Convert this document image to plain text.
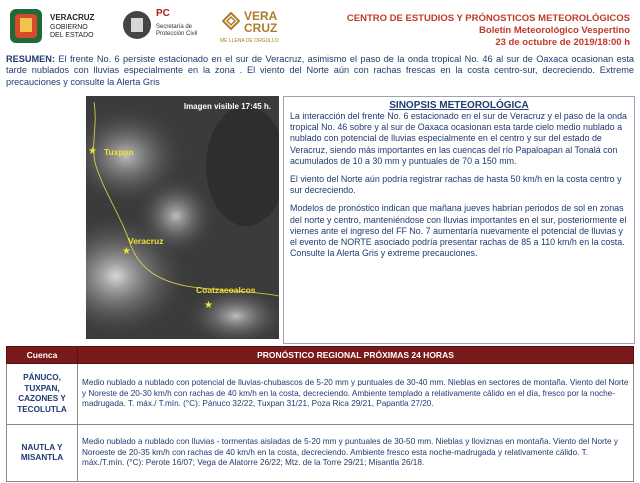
VERACRUZ
GOBIERNO
DEL ESTADO
PC
Secretaría de
Protección Civil
VERA
CRUZ
ME LLENA DE ORGULLO
CENTRO DE ESTUDIOS Y PRÓNOSTICOS METEOROLÓGICOS
Boletín Meteorológico Vespertino
23 de octubre de 2019/18:00 h
RESUMEN: El frente No. 6 persiste estacionado en el sur de Veracruz, asimismo el paso de la onda tropical No. 46 al sur de Oaxaca ocasionan esta tarde nublados con lluvias especialmente en la zona . El viento del Norte aún con rachas frescas en la costa centro-sur, decreciendo. Extreme precauciones y consulte la Alerta Gris
Imagen visible 17:45 h.
★ Tuxpan
★
Veracruz
★
Coatzacoalcos
SINOPSIS METEOROLÓGICA

La interacción del frente No. 6 estacionado en el sur de Veracruz y el paso de la onda tropical No. 46 sobre y al sur de Oaxaca ocasionan esta tarde cielo medio nublado a nublado con potencial de lluvias especialmente en el centro y sur del estado de Veracruz, siendo más importantes en las cuencas del río Papaloapan al Tonalá con acumulados de 10 a 30 mm y puntuales de 70 a 150 mm.

El viento del Norte aún podría registrar rachas de hasta 50 km/h en la costa centro y sur decreciendo.

Modelos de pronóstico indican que mañana jueves habrían periodos de sol en zonas del norte y centro, manteniéndose con lluvias importantes en el sur, posteriormente el viernes ante el ingreso del FF No. 7 aumentaría nuevamente el potencial de lluvias y el evento de NORTE asociado podría presentar rachas de 85 a 110 km/h en la costa. Consulte la Alerta Gris y extreme precauciones.

Cuenca	PRONÓSTICO REGIONAL PRÓXIMAS 24 HORAS
PÁNUCO, TUXPAN, CAZONES Y TECOLUTLA	Medio nublado a nublado con potencial de lluvias-chubascos de 5-20 mm y puntuales de 30-40 mm. Nieblas en sectores de montaña. Viento del Norte y Noreste de 20-30 km/h con rachas de 40 km/h en la costa, decreciendo. Ambiente templado a relativamente cálido en el día, fresco por la noche-madrugada. T. máx./ T.mín. (°C): Pánuco 32/22, Tuxpan 31/21, Poza Rica 29/21, Papantla 27/20.
NAUTLA Y MISANTLA	Medio nublado a nublado con lluvias - tormentas aisladas de 5-20 mm y puntuales de 30-50 mm. Nieblas y lloviznas en montaña. Viento del Norte y Noroeste de 20-35 km/h con rachas de 40 km/h en la costa, decreciendo. Ambiente fresco esta noche-madrugada y relativamente cálido. T. máx./T.mín. (°C): Perote 16/07; Vega de Alatorre 26/22; Mtz. de la Torre 29/21; Misantla 26/18.
